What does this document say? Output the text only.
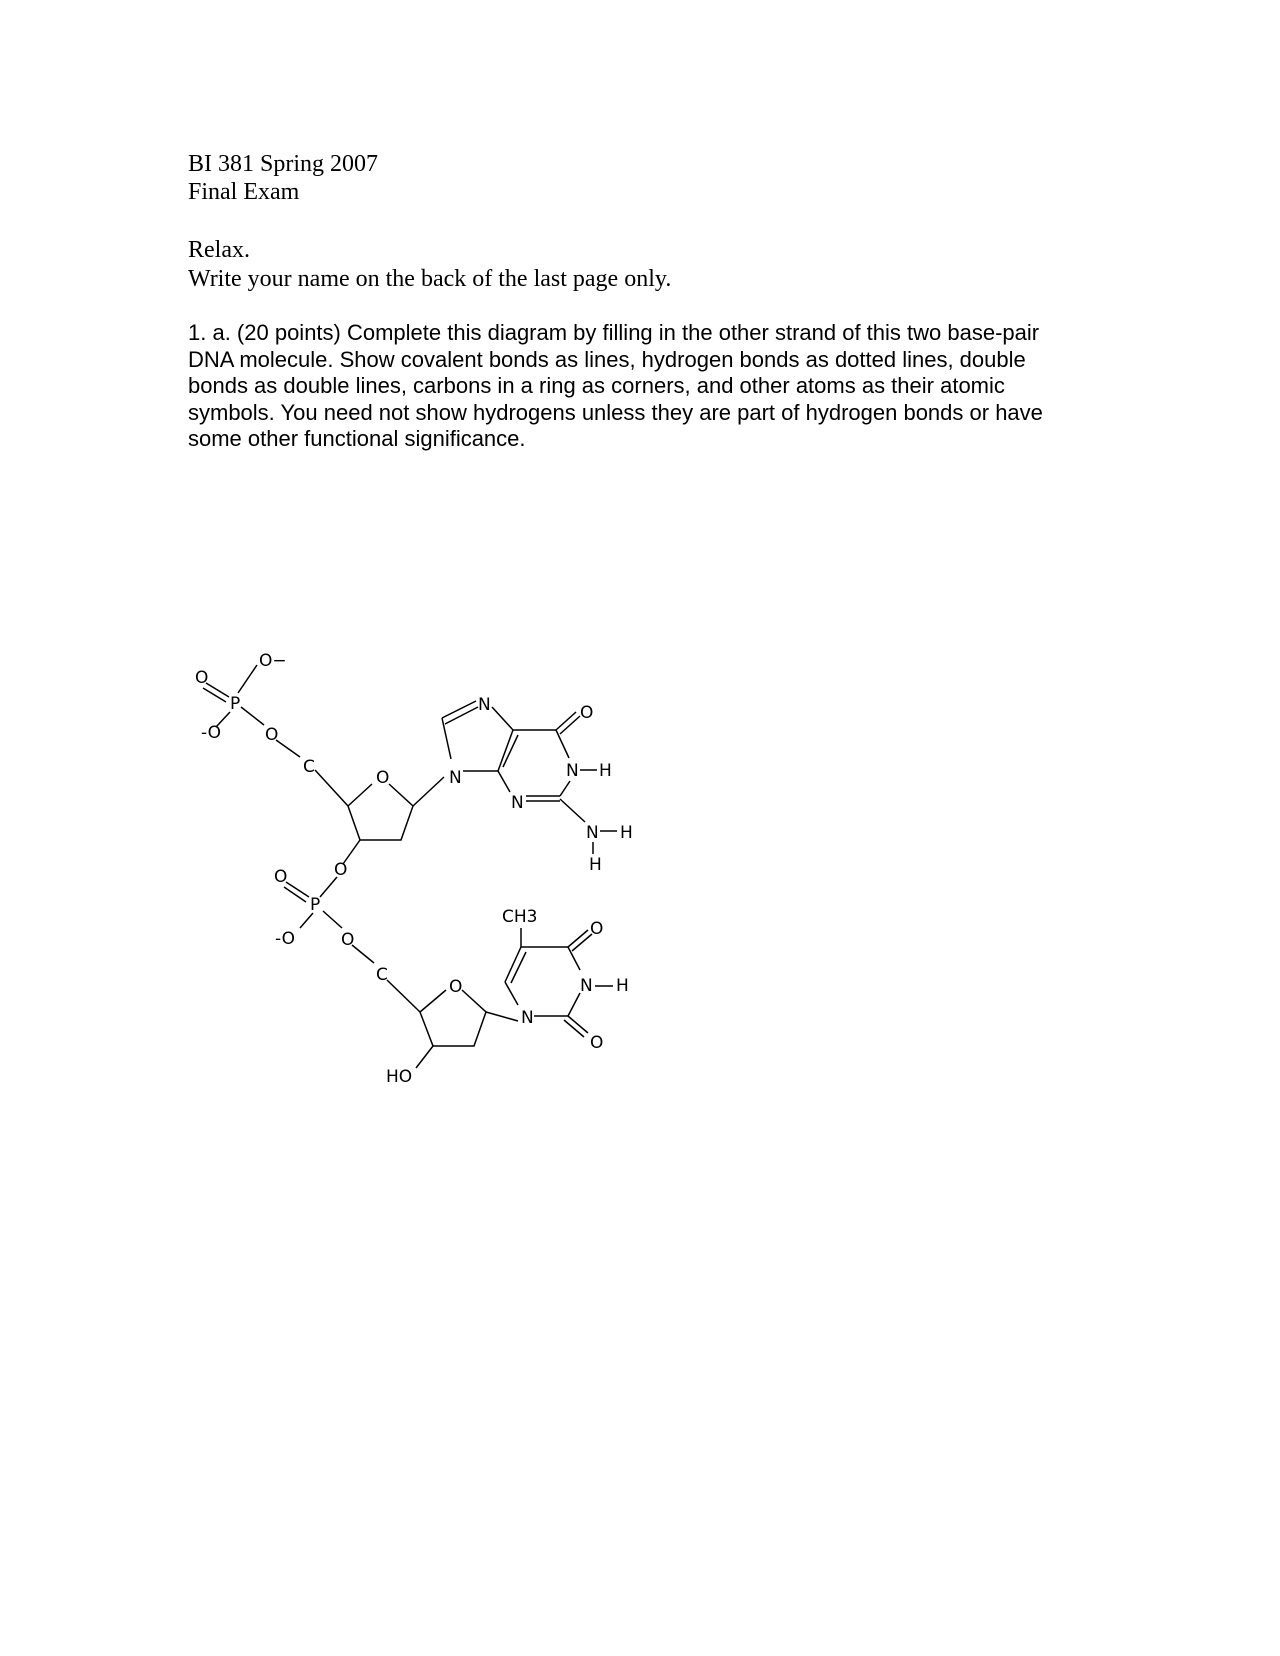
BI 381 Spring 2007
Final Exam
Relax.
Write your name on the back of the last page only.
1. a. (20 points) Complete this diagram by filling in the other strand of this two base-pair
DNA molecule. Show covalent bonds as lines, hydrogen bonds as dotted lines, double
bonds as double lines, carbons in a ring as corners, and other atoms as their atomic
symbols. You need not show hydrogens unless they are part of hydrogen bonds or have
some other functional significance.
O−
O
P
-O	O
C
O	N
N	O
N H
N
N H
H
O
O
P
-O	O
C
O
HO
CH3
O
N H
N
O
